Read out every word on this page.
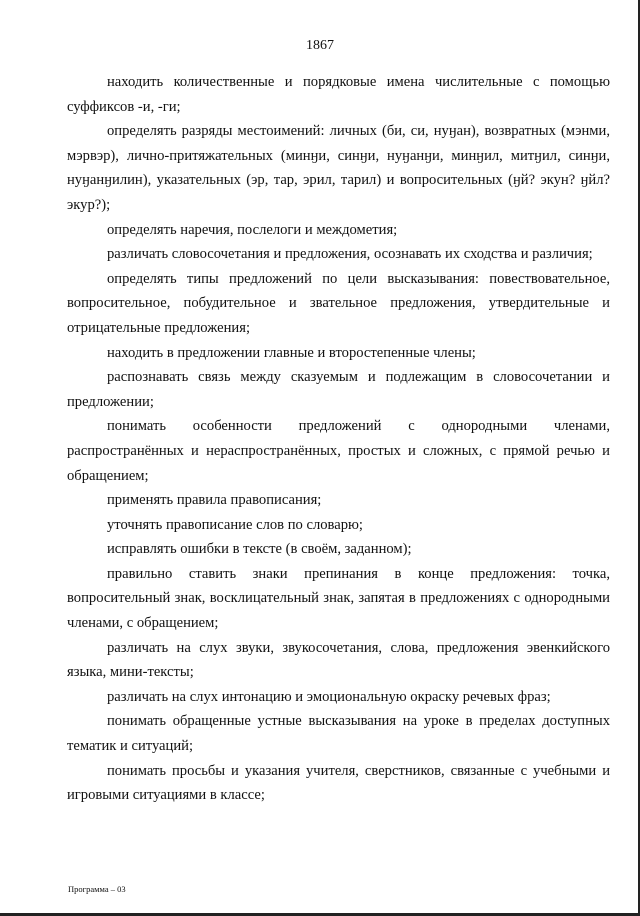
1867

находить количественные и порядковые имена числительные с помощью суффиксов -и, -ги;

определять разряды местоимений: личных (би, си, нуӈан), возвратных (мэнми, мэрвэр), лично-притяжательных (минӈи, синӈи, нуӈанӈи, минӈил, митӈил, синӈи, нуӈанӈилин), указательных (эр, тар, эрил, тарил) и вопросительных (ӈй? экун? ӈйл? экур?);

определять наречия, послелоги и междометия;

различать словосочетания и предложения, осознавать их сходства и различия;

определять типы предложений по цели высказывания: повествовательное, вопросительное, побудительное и звательное предложения, утвердительные и отрицательные предложения;

находить в предложении главные и второстепенные члены;

распознавать связь между сказуемым и подлежащим в словосочетании и предложении;

понимать особенности предложений с однородными членами, распространённых и нераспространённых, простых и сложных, с прямой речью и обращением;

применять правила правописания;

уточнять правописание слов по словарю;

исправлять ошибки в тексте (в своём, заданном);

правильно ставить знаки препинания в конце предложения: точка, вопросительный знак, восклицательный знак, запятая в предложениях с однородными членами, с обращением;

различать на слух звуки, звукосочетания, слова, предложения эвенкийского языка, мини-тексты;

различать на слух интонацию и эмоциональную окраску речевых фраз;

понимать обращенные устные высказывания на уроке в пределах доступных тематик и ситуаций;

понимать просьбы и указания учителя, сверстников, связанные с учебными и игровыми ситуациями в классе;

Программа – 03
